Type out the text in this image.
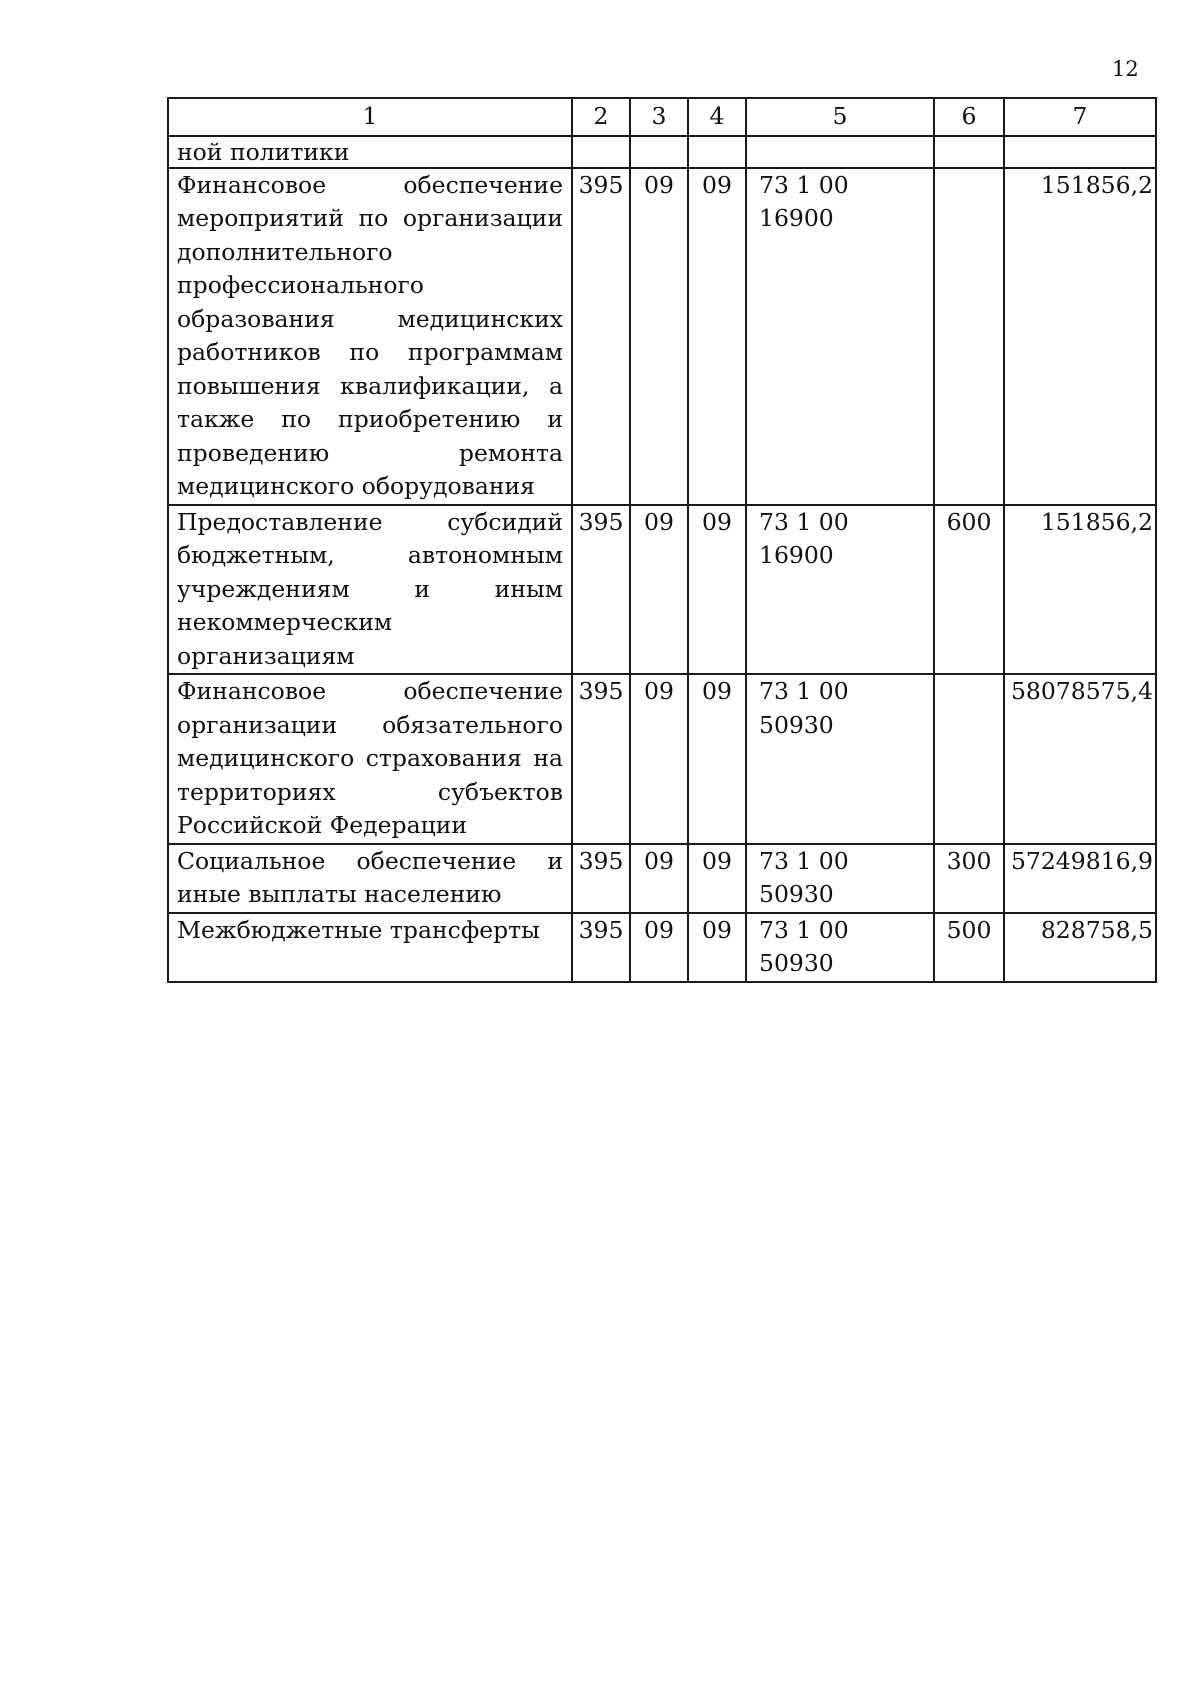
12
1	2	3	4	5	6	7
ной политики						
Финансовое обеспечение мероприятий по организации дополнительного профессионального образования медицинских работников по программам повышения квалификации, а также по приобретению и проведению ремонта медицинского оборудования	395	09	09	73 1 00 16900		151856,2
Предоставление субсидий бюджетным, автономным учреждениям и иным некоммерческим организациям	395	09	09	73 1 00 16900	600	151856,2
Финансовое обеспечение организации обязательного медицинского страхования на территориях субъектов Российской Федерации	395	09	09	73 1 00 50930		58078575,4
Социальное обеспечение и иные выплаты населению	395	09	09	73 1 00 50930	300	57249816,9
Межбюджетные трансферты	395	09	09	73 1 00 50930	500	828758,5
